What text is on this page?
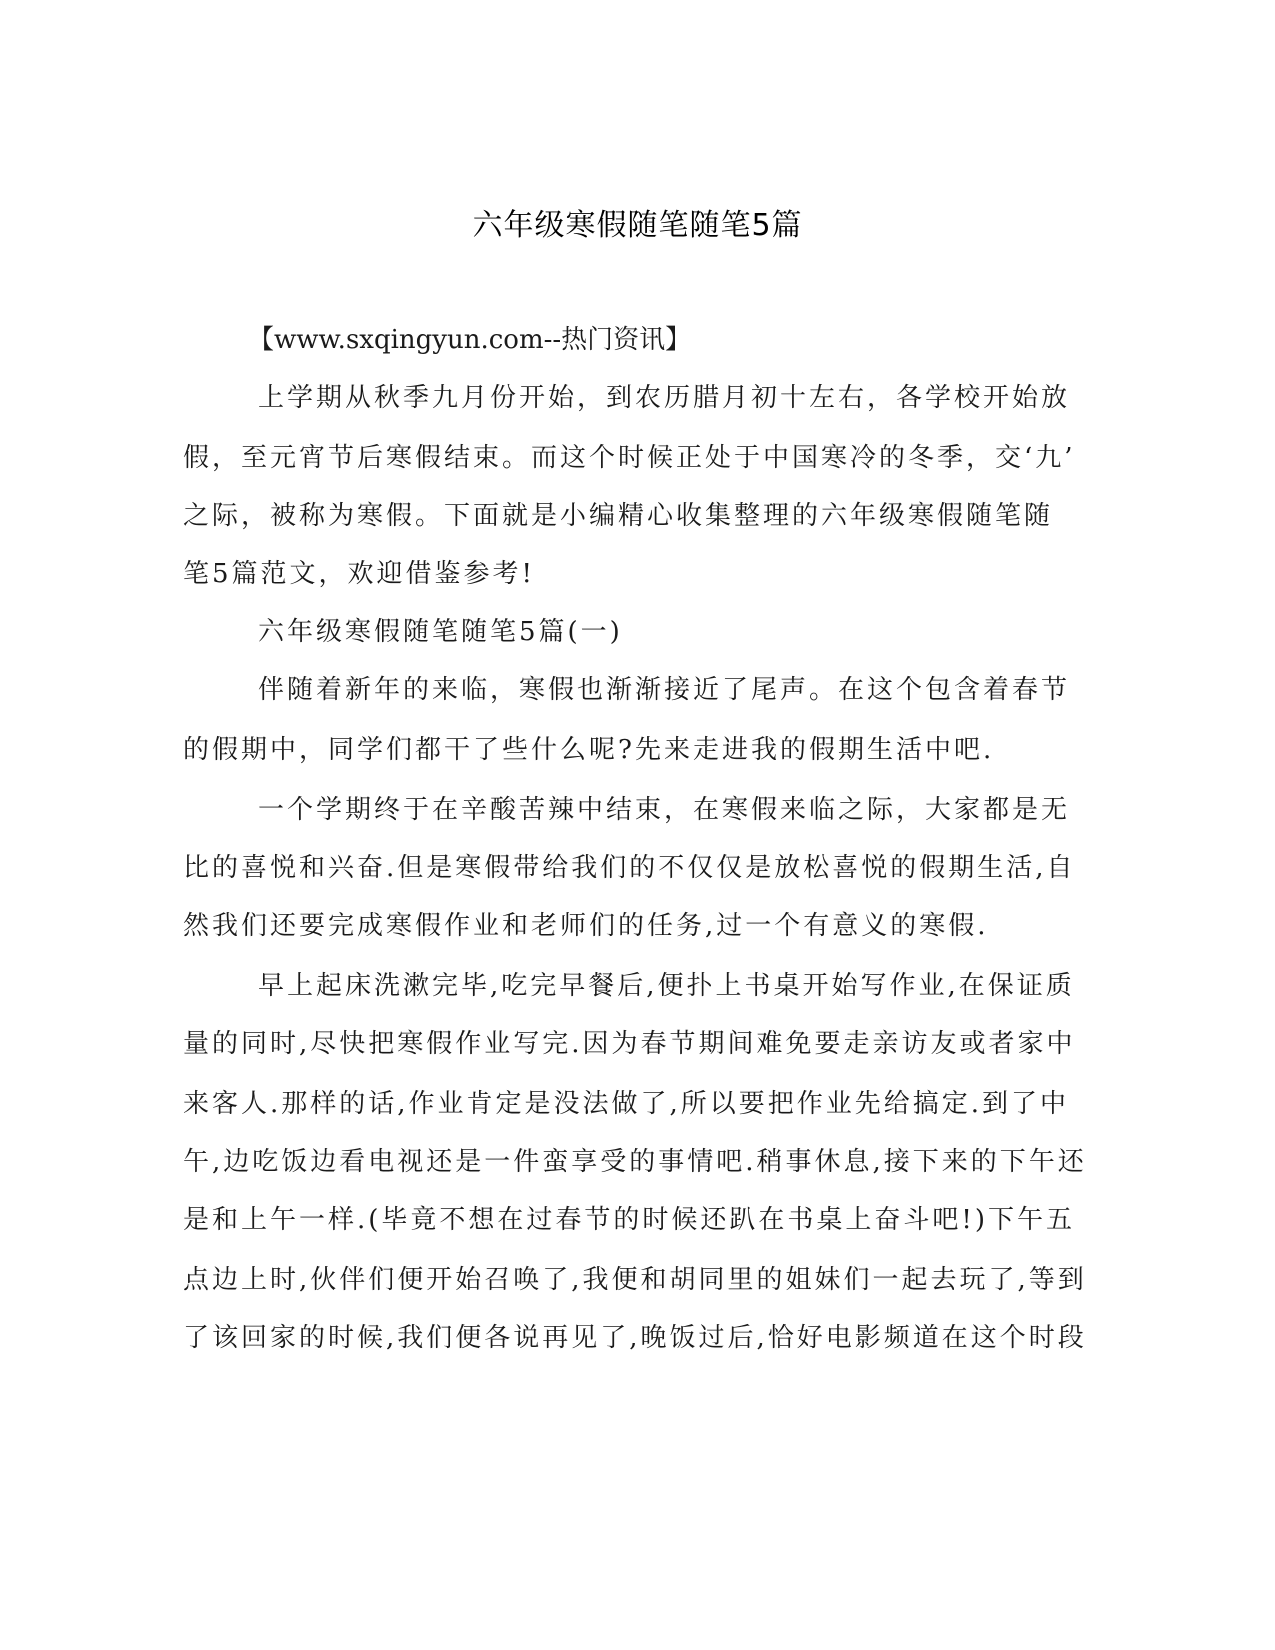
六年级寒假随笔随笔5篇
【www.sxqingyun.com--热门资讯】
上学期从秋季九月份开始，到农历腊月初十左右，各学校开始放
假，至元宵节后寒假结束。而这个时候正处于中国寒冷的冬季，交‘九’
之际，被称为寒假。下面就是小编精心收集整理的六年级寒假随笔随
笔5篇范文，欢迎借鉴参考!
六年级寒假随笔随笔5篇(一)
伴随着新年的来临，寒假也渐渐接近了尾声。在这个包含着春节
的假期中，同学们都干了些什么呢?先来走进我的假期生活中吧.
一个学期终于在辛酸苦辣中结束，在寒假来临之际，大家都是无
比的喜悦和兴奋.但是寒假带给我们的不仅仅是放松喜悦的假期生活,自
然我们还要完成寒假作业和老师们的任务,过一个有意义的寒假.
早上起床洗漱完毕,吃完早餐后,便扑上书桌开始写作业,在保证质
量的同时,尽快把寒假作业写完.因为春节期间难免要走亲访友或者家中
来客人.那样的话,作业肯定是没法做了,所以要把作业先给搞定.到了中
午,边吃饭边看电视还是一件蛮享受的事情吧.稍事休息,接下来的下午还
是和上午一样.(毕竟不想在过春节的时候还趴在书桌上奋斗吧!)下午五
点边上时,伙伴们便开始召唤了,我便和胡同里的姐妹们一起去玩了,等到
了该回家的时候,我们便各说再见了,晚饭过后,恰好电影频道在这个时段
